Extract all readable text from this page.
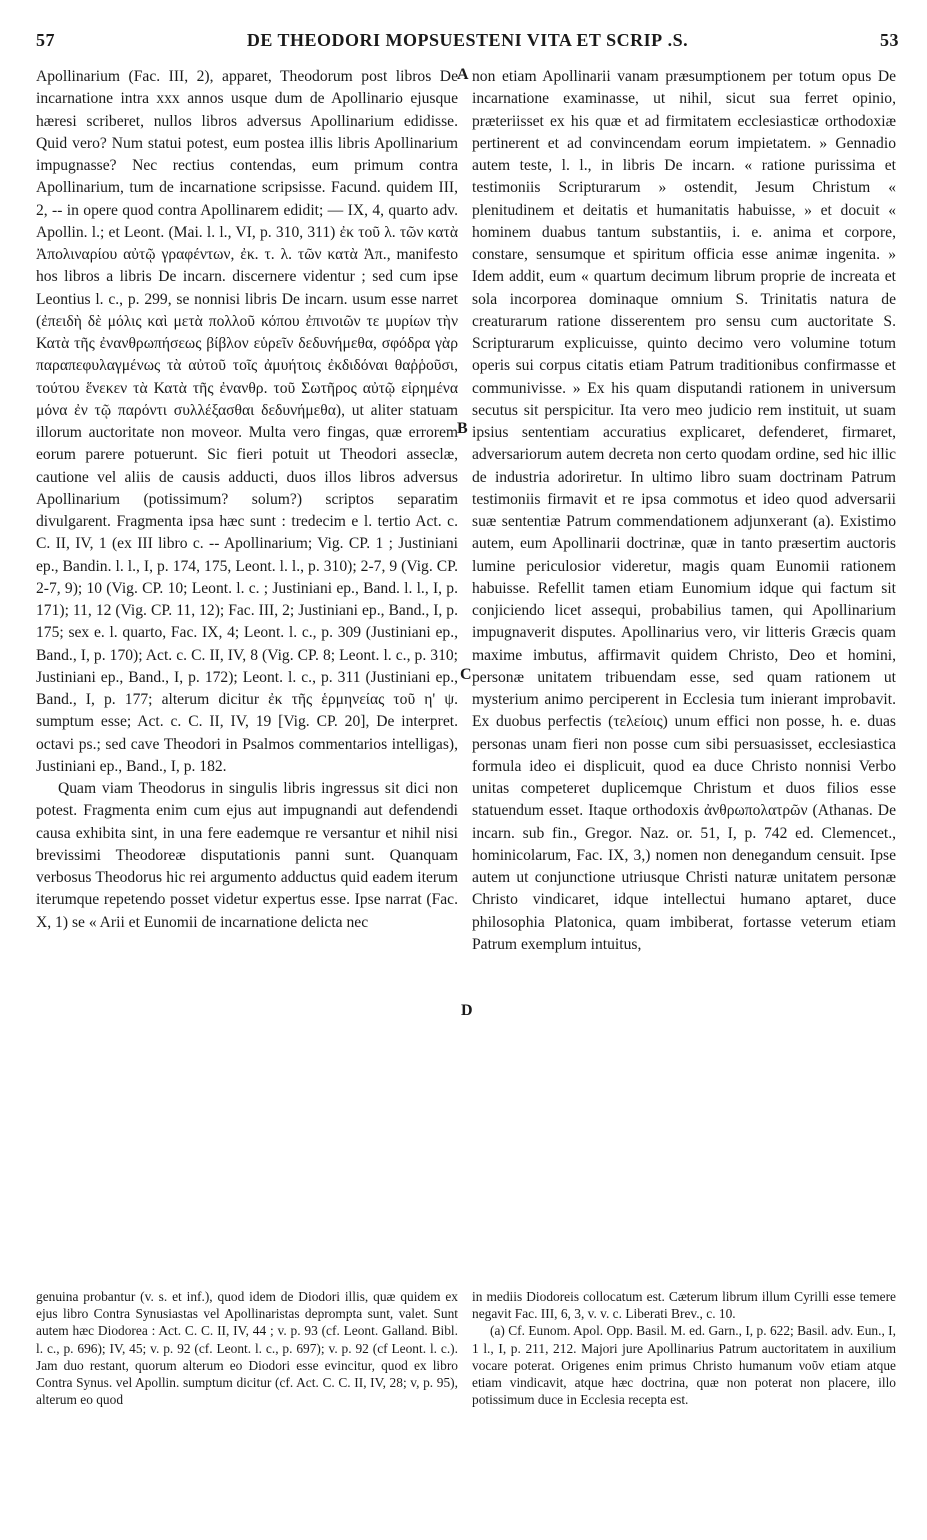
57	DE THEODORI MOPSUESTENI VITA ET SCRIP .S.	53
A
B
C
D

Apollinarium (Fac. III, 2), apparet, Theodorum post libros De incarnatione intra xxx annos usque dum de Apollinario ejusque hæresi scriberet, nullos libros adversus Apollinarium edidisse. Quid vero? Num statui potest, eum postea illis libris Apollinarium impugnasse? Nec rectius contendas, eum primum contra Apollinarium, tum de incarnatione scripsisse. Facund. quidem III, 2, -- in opere quod contra Apollinarem edidit; — IX, 4, quarto adv. Apollin. l.; et Leont. (Mai. l. l., VI, p. 310, 311) ἐκ τοῦ λ. τῶν κατὰ Ἀπολιναρίου αὐτῷ γραφέντων, ἐκ. τ. λ. τῶν κατὰ Ἀπ., manifesto hos libros a libris De incarn. discernere videntur ; sed cum ipse Leontius l. c., p. 299, se nonnisi libris De incarn. usum esse narret (ἐπειδὴ δὲ μόλις καὶ μετὰ πολλοῦ κόπου ἐπινοιῶν τε μυρίων τὴν Κατὰ τῆς ἐνανθρωπήσεως βίβλον εὑρεῖν δεδυνήμεθα, σφόδρα γὰρ παραπεφυλαγμένως τὰ αὐτοῦ τοῖς ἀμυήτοις ἐκδιδόναι θαῤῥοῦσι, τούτου ἕνεκεν τὰ Κατὰ τῆς ἐνανθρ. τοῦ Σωτῆρος αὐτῷ εἰρημένα μόνα ἐν τῷ παρόντι συλλέξασθαι δεδυνήμεθα), ut aliter statuam illorum auctoritate non moveor. Multa vero fingas, quæ errorem eorum parere potuerunt. Sic fieri potuit ut Theodori asseclæ, cautione vel aliis de causis adducti, duos illos libros adversus Apollinarium (potissimum? solum?) scriptos separatim divulgarent. Fragmenta ipsa hæc sunt : tredecim e l. tertio Act. c. C. II, IV, 1 (ex III libro c. -- Apollinarium; Vig. CP. 1 ; Justiniani ep., Bandin. l. l., I, p. 174, 175, Leont. l. l., p. 310); 2-7, 9 (Vig. CP. 2-7, 9); 10 (Vig. CP. 10; Leont. l. c. ; Justiniani ep., Band. l. l., I, p. 171); 11, 12 (Vig. CP. 11, 12); Fac. III, 2; Justiniani ep., Band., I, p. 175; sex e. l. quarto, Fac. IX, 4; Leont. l. c., p. 309 (Justiniani ep., Band., I, p. 170); Act. c. C. II, IV, 8 (Vig. CP. 8; Leont. l. c., p. 310; Justiniani ep., Band., I, p. 172); Leont. l. c., p. 311 (Justiniani ep., Band., I, p. 177; alterum dicitur ἐκ τῆς ἑρμηνείας τοῦ η' ψ. sumptum esse; Act. c. C. II, IV, 19 [Vig. CP. 20], De interpret. octavi ps.; sed cave Theodori in Psalmos commentarios intelligas), Justiniani ep., Band., I, p. 182.

Quam viam Theodorus in singulis libris ingressus sit dici non potest. Fragmenta enim cum ejus aut impugnandi aut defendendi causa exhibita sint, in una fere eademque re versantur et nihil nisi brevissimi Theodoreæ disputationis panni sunt. Quanquam verbosus Theodorus hic rei argumento adductus quid eadem iterum iterumque repetendo posset videtur expertus esse. Ipse narrat (Fac. X, 1) se « Arii et Eunomii de incarnatione delicta nec

non etiam Apollinarii vanam præsumptionem per totum opus De incarnatione examinasse, ut nihil, sicut sua ferret opinio, præteriisset ex his quæ et ad firmitatem ecclesiasticæ orthodoxiæ pertinerent et ad convincendam eorum impietatem. » Gennadio autem teste, l. l., in libris De incarn. « ratione purissima et testimoniis Scripturarum » ostendit, Jesum Christum « plenitudinem et deitatis et humanitatis habuisse, » et docuit « hominem duabus tantum substantiis, i. e. anima et corpore, constare, sensumque et spiritum officia esse animæ ingenita. » Idem addit, eum « quartum decimum librum proprie de increata et sola incorporea dominaque omnium S. Trinitatis natura de creaturarum ratione disserentem pro sensu cum auctoritate S. Scripturarum explicuisse, quinto decimo vero volumine totum operis sui corpus citatis etiam Patrum traditionibus confirmasse et communivisse. » Ex his quam disputandi rationem in universum secutus sit perspicitur. Ita vero meo judicio rem instituit, ut suam ipsius sententiam accuratius explicaret, defenderet, firmaret, adversariorum autem decreta non certo quodam ordine, sed hic illic de industria adoriretur. In ultimo libro suam doctrinam Patrum testimoniis firmavit et re ipsa commotus et ideo quod adversarii suæ sententiæ Patrum commendationem adjunxerant (a). Existimo autem, eum Apollinarii doctrinæ, quæ in tanto præsertim auctoris lumine periculosior videretur, magis quam Eunomii rationem habuisse. Refellit tamen etiam Eunomium idque qui factum sit conjiciendo licet assequi, probabilius tamen, qui Apollinarium impugnaverit disputes. Apollinarius vero, vir litteris Græcis quam maxime imbutus, affirmavit quidem Christo, Deo et homini, personæ unitatem tribuendam esse, sed quam rationem ut mysterium animo perciperent in Ecclesia tum inierant improbavit. Ex duobus perfectis (τελείοις) unum effici non posse, h. e. duas personas unam fieri non posse cum sibi persuasisset, ecclesiastica formula ideo ei displicuit, quod ea duce Christo nonnisi Verbo unitas competeret duplicemque Christum et duos filios esse statuendum esset. Itaque orthodoxis ἀνθρωπολατρῶν (Athanas. De incarn. sub fin., Gregor. Naz. or. 51, I, p. 742 ed. Clemencet., hominicolarum, Fac. IX, 3,) nomen non denegandum censuit. Ipse autem ut conjunctione utriusque Christi naturæ unitatem personæ Christo vindicaret, idque intellectui humano aptaret, duce philosophia Platonica, quam imbiberat, fortasse veterum etiam Patrum exemplum intuitus,

genuina probantur (v. s. et inf.), quod idem de Diodori illis, quæ quidem ex ejus libro Contra Synusiastas vel Apollinaristas deprompta sunt, valet. Sunt autem hæc Diodorea : Act. C. C. II, IV, 44 ; v. p. 93 (cf. Leont. Galland. Bibl. l. c., p. 696); IV, 45; v. p. 92 (cf. Leont. l. c., p. 697); v. p. 92 (cf Leont. l. c.). Jam duo restant, quorum alterum eo Diodori esse evincitur, quod ex libro Contra Synus. vel Apollin. sumptum dicitur (cf. Act. C. C. II, IV, 28; v, p. 95), alterum eo quod

in mediis Diodoreis collocatum est. Cæterum librum illum Cyrilli esse temere negavit Fac. III, 6, 3, v. v. c. Liberati Brev., c. 10.

(a) Cf. Eunom. Apol. Opp. Basil. M. ed. Garn., I, p. 622; Basil. adv. Eun., I, 1 l., I, p. 211, 212. Majori jure Apollinarius Patrum auctoritatem in auxilium vocare poterat. Origenes enim primus Christo humanum νοῦν etiam atque etiam vindicavit, atque hæc doctrina, quæ non poterat non placere, illo potissimum duce in Ecclesia recepta est.
